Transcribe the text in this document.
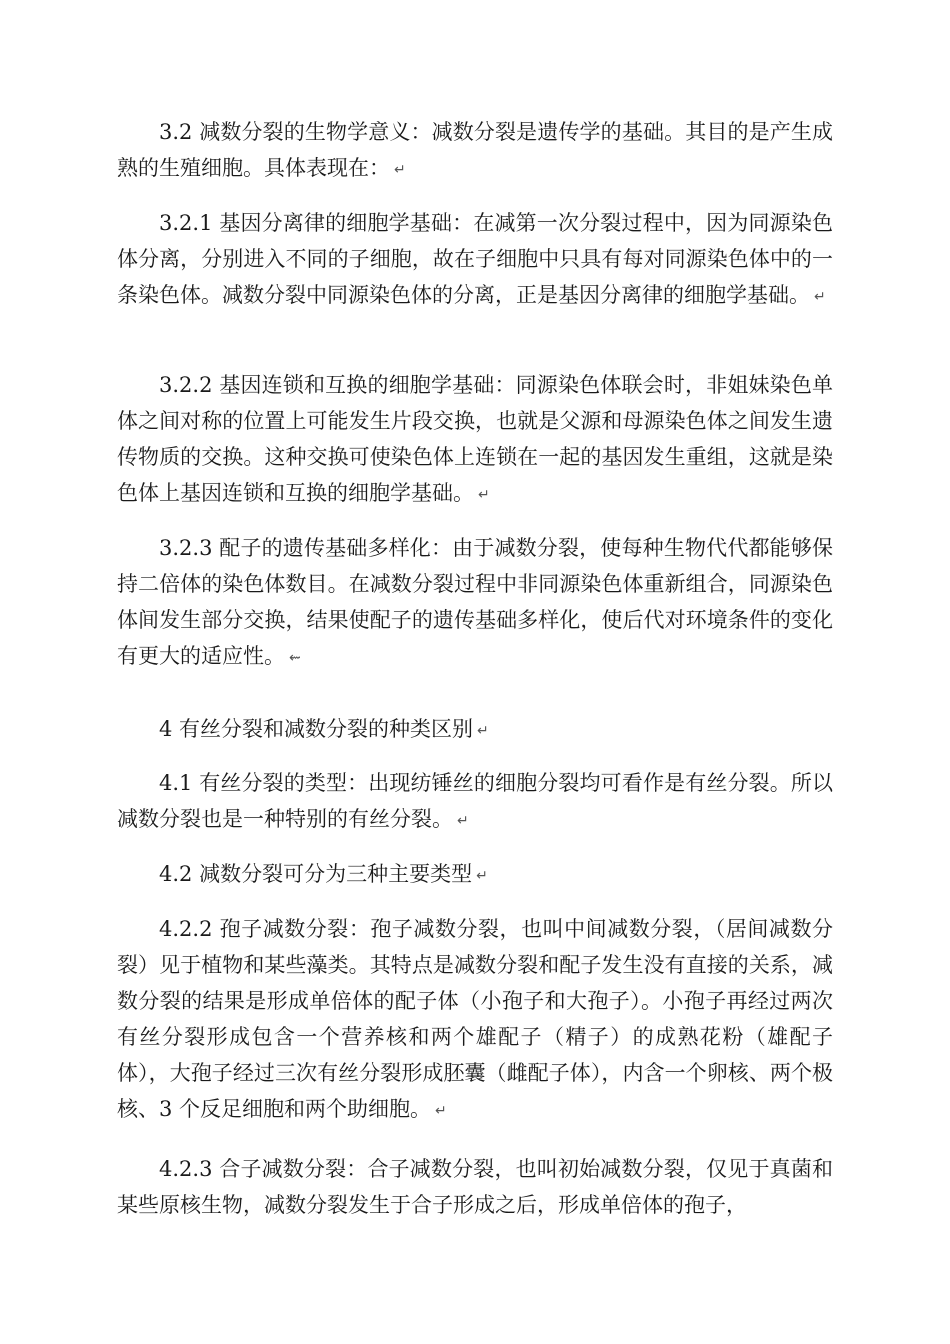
3.2 减数分裂的生物学意义：减数分裂是遗传学的基础。其目的是产生成熟的生殖细胞。具体表现在： ↵

3.2.1 基因分离律的细胞学基础：在减第一次分裂过程中，因为同源染色体分离，分别进入不同的子细胞，故在子细胞中只具有每对同源染色体中的一条染色体。减数分裂中同源染色体的分离，正是基因分离律的细胞学基础。 ↵

3.2.2 基因连锁和互换的细胞学基础：同源染色体联会时，非姐妹染色单体之间对称的位置上可能发生片段交换，也就是父源和母源染色体之间发生遗传物质的交换。这种交换可使染色体上连锁在一起的基因发生重组，这就是染色体上基因连锁和互换的细胞学基础。 ↵

3.2.3 配子的遗传基础多样化：由于减数分裂，使每种生物代代都能够保持二倍体的染色体数目。在减数分裂过程中非同源染色体重新组合，同源染色体间发生部分交换，结果使配子的遗传基础多样化，使后代对环境条件的变化有更大的适应性。 ⇜

4 有丝分裂和减数分裂的种类区别 ↵

4.1 有丝分裂的类型：出现纺锤丝的细胞分裂均可看作是有丝分裂。所以减数分裂也是一种特别的有丝分裂。 ↵

4.2 减数分裂可分为三种主要类型 ↵

4.2.2 孢子减数分裂：孢子减数分裂，也叫中间减数分裂，（居间减数分裂）见于植物和某些藻类。其特点是减数分裂和配子发生没有直接的关系，减数分裂的结果是形成单倍体的配子体（小孢子和大孢子）。小孢子再经过两次有丝分裂形成包含一个营养核和两个雄配子（精子）的成熟花粉（雄配子体），大孢子经过三次有丝分裂形成胚囊（雌配子体），内含一个卵核、两个极核、3 个反足细胞和两个助细胞。 ↵

4.2.3 合子减数分裂：合子减数分裂，也叫初始减数分裂，仅见于真菌和某些原核生物，减数分裂发生于合子形成之后，形成单倍体的孢子，
